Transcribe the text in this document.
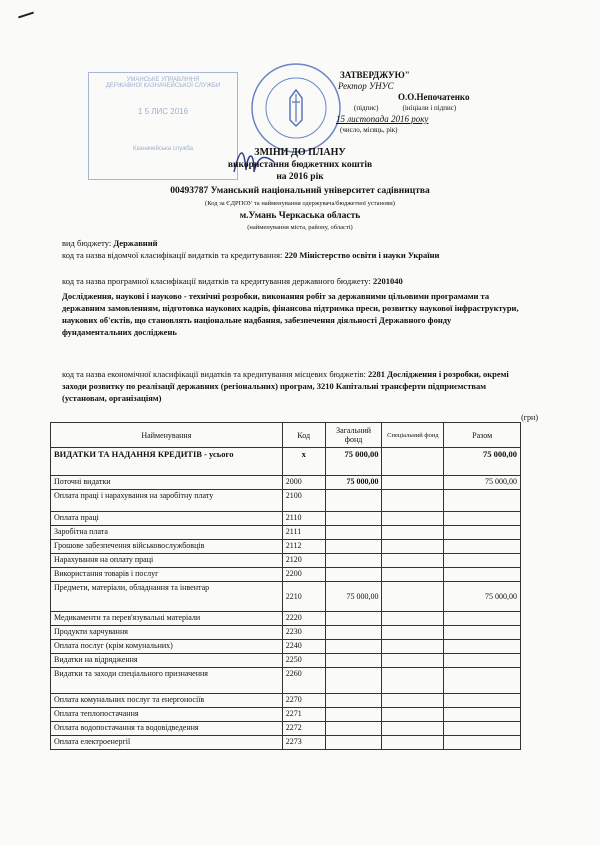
УМАНСЬКЕ УПРАВЛІННЯ
ДЕРЖАВНОЇ КАЗНАЧЕЙСЬКОЇ СЛУЖБИ
1 5 ЛИС 2016
Казначейська служба
ЗАТВЕРДЖУЮ"
Ректор УНУС
О.О.Непочатенко
(підпис)	(ініціали і підпис)
15 листопада 2016 року
(число, місяць, рік)
ЗМІНИ ДО ПЛАНУ
використання бюджетних коштів
на 2016 рік
00493787 Уманський національний університет садівництва
(Код за ЄДРПОУ та найменування одержувача/бюджетної установи)
м.Умань Черкаська область
(найменування міста, району, області)
вид бюджету: Державний
код та назва відомчої класифікації видатків та кредитування: 220 Міністерство освіти і науки України
код та назва програмної класифікації видатків та кредитування державного бюджету: 2201040
Дослідження, наукові і науково - технічні розробки, виконання робіт за державними цільовими програмами та державним замовленням, підготовка наукових кадрів, фінансова підтримка преси, розвитку наукової інфраструктури, наукових об'єктів, що становлять національне надбання, забезпечення діяльності Державного фонду фундаментальних досліджень
код та назва економічної класифікації видатків та кредитування місцевих бюджетів: 2281 Дослідження і розробки, окремі заходи розвитку по реалізації державних (регіональних) програм, 3210 Капітальні трансферти підприємствам (установам, організаціям)
(грн)
Найменування	Код	Загальний фонд	Спеціальний фонд	Разом
ВИДАТКИ ТА НАДАННЯ КРЕДИТІВ - усього	х	75 000,00		75 000,00
Поточні видатки	2000	75 000,00		75 000,00
Оплата праці і нарахування на заробітну плату	2100			
Оплата праці	2110			
Заробітна плата	2111			
Грошове забезпечення військовослужбовців	2112			
Нарахування на оплату праці	2120			
Використання товарів і послуг	2200			
Предмети, матеріали, обладнання та інвентар	2210	75 000,00		75 000,00
Медикаменти та перев'язувальні матеріали	2220			
Продукти харчування	2230			
Оплата послуг (крім комунальних)	2240			
Видатки на відрядження	2250			
Видатки та заходи спеціального призначення	2260			
Оплата комунальних послуг та енергоносіїв	2270			
Оплата теплопостачання	2271			
Оплата водопостачання та водовідведення	2272			
Оплата електроенергії	2273			
